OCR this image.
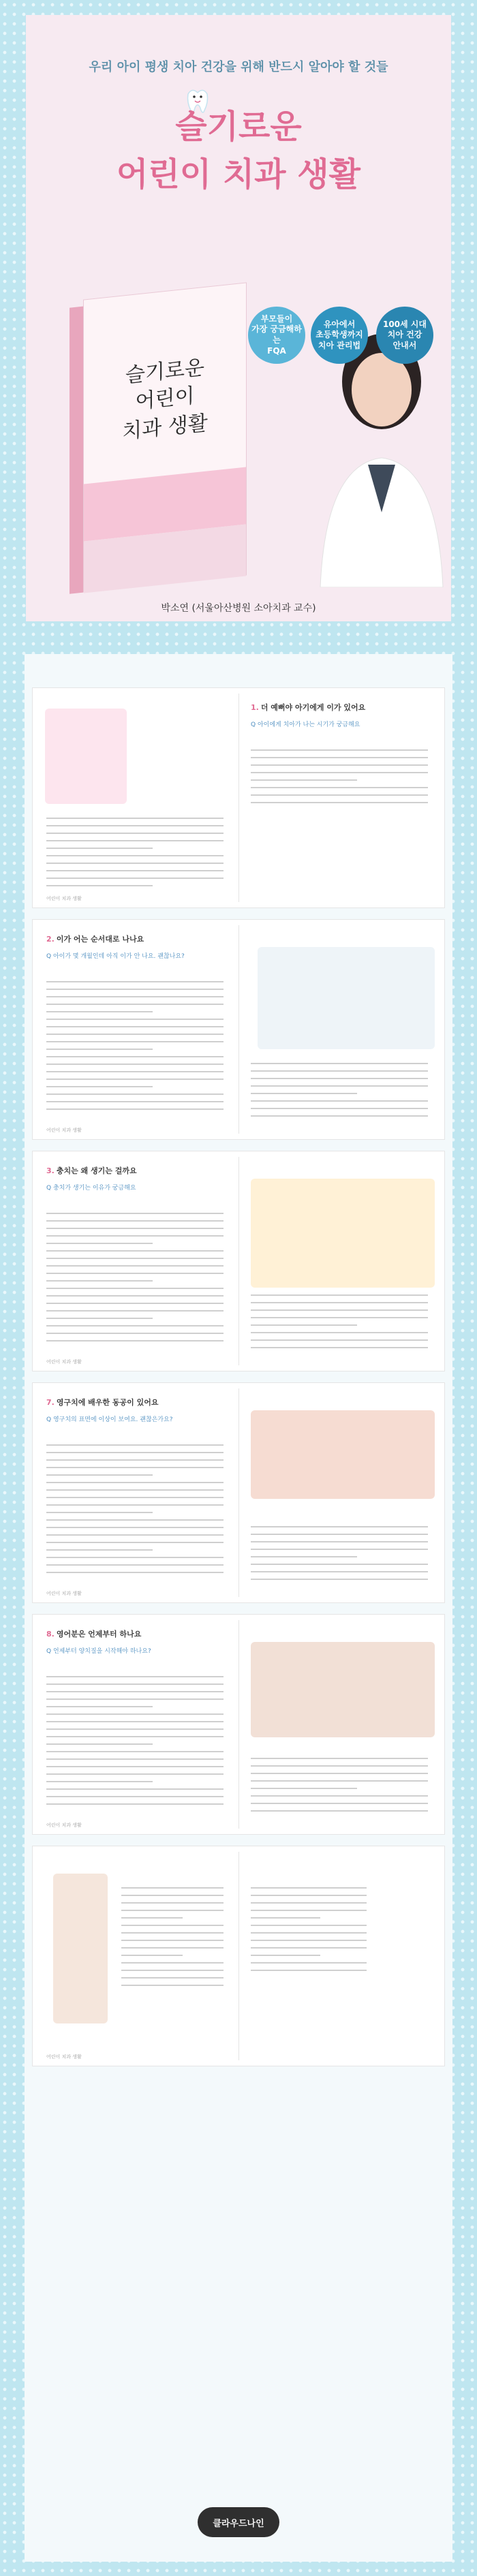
우리 아이 평생 치아 건강을 위해 반드시 알아야 할 것들
슬기로운
어린이 치과 생활
슬기로운
어린이
치과 생활
부모들이
가장 궁금해하는
FQA
유아에서
초등학생까지
치아 관리법
100세 시대
치아 건강
안내서
박소연 (서울아산병원 소아치과 교수)
1. 더 예뻐야 아기에게 이가 있어요
Q 아이에게 치아가 나는 시기가 궁금해요
어린이 치과 생활
2. 이가 어는 순서대로 나나요
Q 아이가 몇 개월인데 아직 이가 안 나요. 괜찮나요?
어린이 치과 생활
3. 충치는 왜 생기는 걸까요
Q 충치가 생기는 이유가 궁금해요
어린이 치과 생활
7. 영구치에 배우한 동공이 있어요
Q 영구치의 표면에 이상이 보여요. 괜찮은가요?
어린이 치과 생활
8. 영어분은 언제부터 하나요
Q 언제부터 양치질을 시작해야 하나요?
어린이 치과 생활
어린이 치과 생활
클라우드나인
